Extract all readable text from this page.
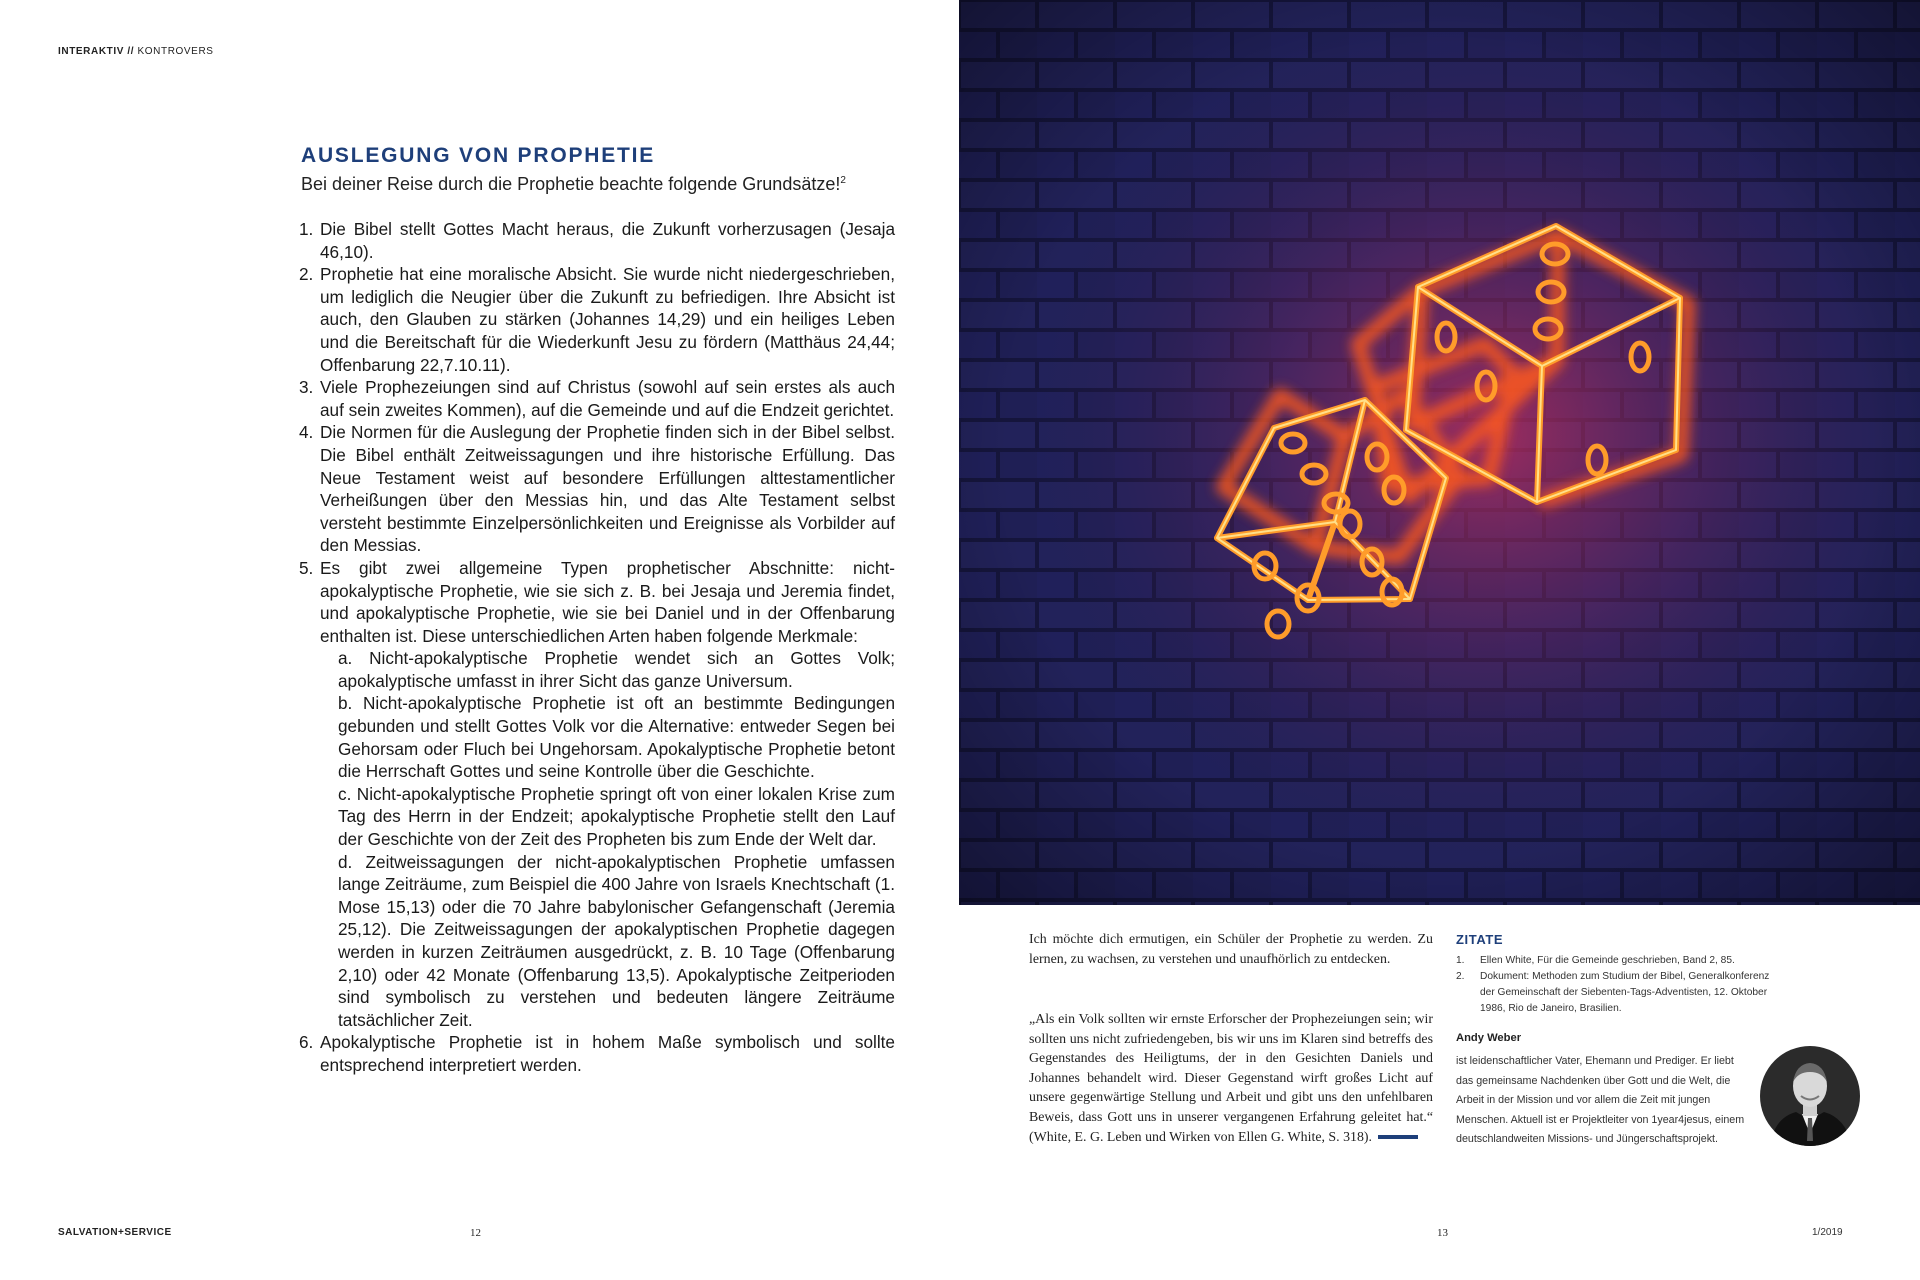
INTERAKTIV // KONTROVERS
AUSLEGUNG VON PROPHETIE
Bei deiner Reise durch die Prophetie beachte folgende Grundsätze!$^2$
1. Die Bibel stellt Gottes Macht heraus, die Zukunft vorherzusagen (Jesaja 46,10).
2. Prophetie hat eine moralische Absicht. Sie wurde nicht niedergeschrieben, um lediglich die Neugier über die Zukunft zu befriedigen. Ihre Absicht ist auch, den Glauben zu stärken (Johannes 14,29) und ein heiliges Leben und die Bereitschaft für die Wiederkunft Jesu zu fördern (Matthäus 24,44; Offenbarung 22,7.10.11).
3. Viele Prophezeiungen sind auf Christus (sowohl auf sein erstes als auch auf sein zweites Kommen), auf die Gemeinde und auf die Endzeit gerichtet.
4. Die Normen für die Auslegung der Prophetie finden sich in der Bibel selbst. Die Bibel enthält Zeitweissagungen und ihre historische Erfüllung. Das Neue Testament weist auf besondere Erfüllungen alttestamentlicher Verheißungen über den Messias hin, und das Alte Testament selbst versteht bestimmte Einzelpersönlichkeiten und Ereignisse als Vorbilder auf den Messias.
5. Es gibt zwei allgemeine Typen prophetischer Abschnitte: nicht-apokalyptische Prophetie, wie sie sich z. B. bei Jesaja und Jeremia findet, und apokalyptische Prophetie, wie sie bei Daniel und in der Offenbarung enthalten ist. Diese unterschiedlichen Arten haben folgende Merkmale:
a. Nicht-apokalyptische Prophetie wendet sich an Gottes Volk; apokalyptische umfasst in ihrer Sicht das ganze Universum.
b. Nicht-apokalyptische Prophetie ist oft an bestimmte Bedingungen gebunden und stellt Gottes Volk vor die Alternative: entweder Segen bei Gehorsam oder Fluch bei Ungehorsam. Apokalyptische Prophetie betont die Herrschaft Gottes und seine Kontrolle über die Geschichte.
c. Nicht-apokalyptische Prophetie springt oft von einer lokalen Krise zum Tag des Herrn in der Endzeit; apokalyptische Prophetie stellt den Lauf der Geschichte von der Zeit des Propheten bis zum Ende der Welt dar.
d. Zeitweissagungen der nicht-apokalyptischen Prophetie umfassen lange Zeiträume, zum Beispiel die 400 Jahre von Israels Knechtschaft (1. Mose 15,13) oder die 70 Jahre babylonischer Gefangenschaft (Jeremia 25,12). Die Zeitweissagungen der apokalyptischen Prophetie dagegen werden in kurzen Zeiträumen ausgedrückt, z. B. 10 Tage (Offenbarung 2,10) oder 42 Monate (Offenbarung 13,5). Apokalyptische Zeitperioden sind symbolisch zu verstehen und bedeuten längere Zeiträume tatsächlicher Zeit.
6. Apokalyptische Prophetie ist in hohem Maße symbolisch und sollte entsprechend interpretiert werden.
SALVATION+SERVICE	12

Ich möchte dich ermutigen, ein Schüler der Prophetie zu werden. Zu lernen, zu wachsen, zu verstehen und unaufhörlich zu entdecken.

„Als ein Volk sollten wir ernste Erforscher der Prophezeiungen sein; wir sollten uns nicht zufriedengeben, bis wir uns im Klaren sind betreffs des Gegenstandes des Heiligtums, der in den Gesichten Daniels und Johannes behandelt wird. Dieser Gegenstand wirft großes Licht auf unsere gegenwärtige Stellung und Arbeit und gibt uns den unfehlbaren Beweis, dass Gott uns in unserer vergangenen Erfahrung geleitet hat.“ (White, E. G. Leben und Wirken von Ellen G. White, S. 318).

ZITATE
1. Ellen White, Für die Gemeinde geschrieben, Band 2, 85.
2. Dokument: Methoden zum Studium der Bibel, Generalkonferenz der Gemeinschaft der Siebenten-Tags-Adventisten, 12. Oktober 1986, Rio de Janeiro, Brasilien.
Andy Weber

ist leidenschaftlicher Vater, Ehemann und Prediger. Er liebt das gemeinsame Nachdenken über Gott und die Welt, die Arbeit in der Mission und vor allem die Zeit mit jungen Menschen. Aktuell ist er Projektleiter von 1year4jesus, einem deutschlandweiten Missions- und Jüngerschaftsprojekt.

13	1/2019
